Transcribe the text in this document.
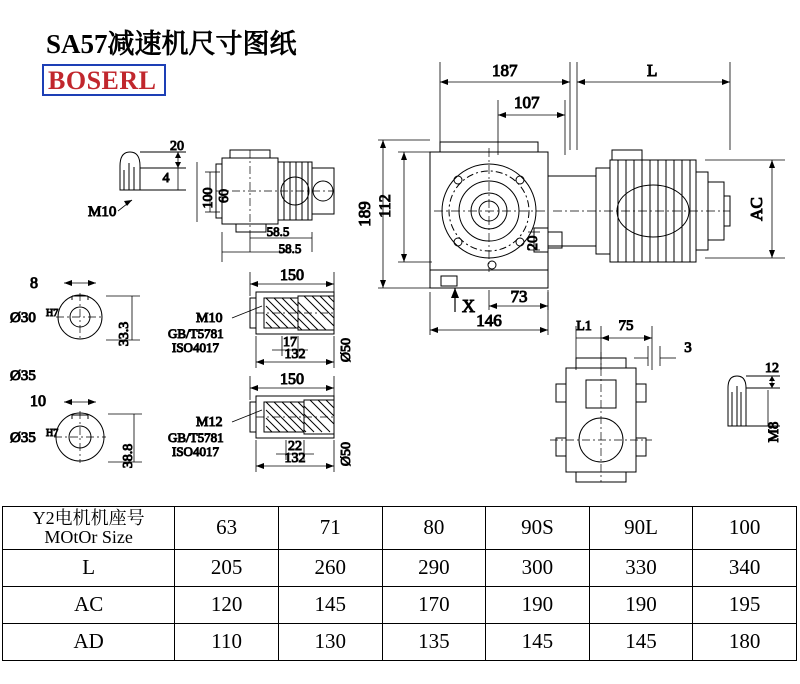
SA57减速机尺寸图纸
BOSERL	187	L
107
189 112	AC
20
X 73
146
20
4
M10
100 60
58.5
58.5
8
Ø30 H7
33.3
Ø35
10
Ø35 H7
38.8
150
M10
GB/T5781
ISO4017	17
132 Ø50
150
M12
GB/T5781
ISO4017	22
132 Ø50
L1 75
3
12
M8
Y2电机机座号
MOtOr Size	63	71	80	90S	90L	100
L	205	260	290	300	330	340
AC	120	145	170	190	190	195
AD	110	130	135	145	145	180
